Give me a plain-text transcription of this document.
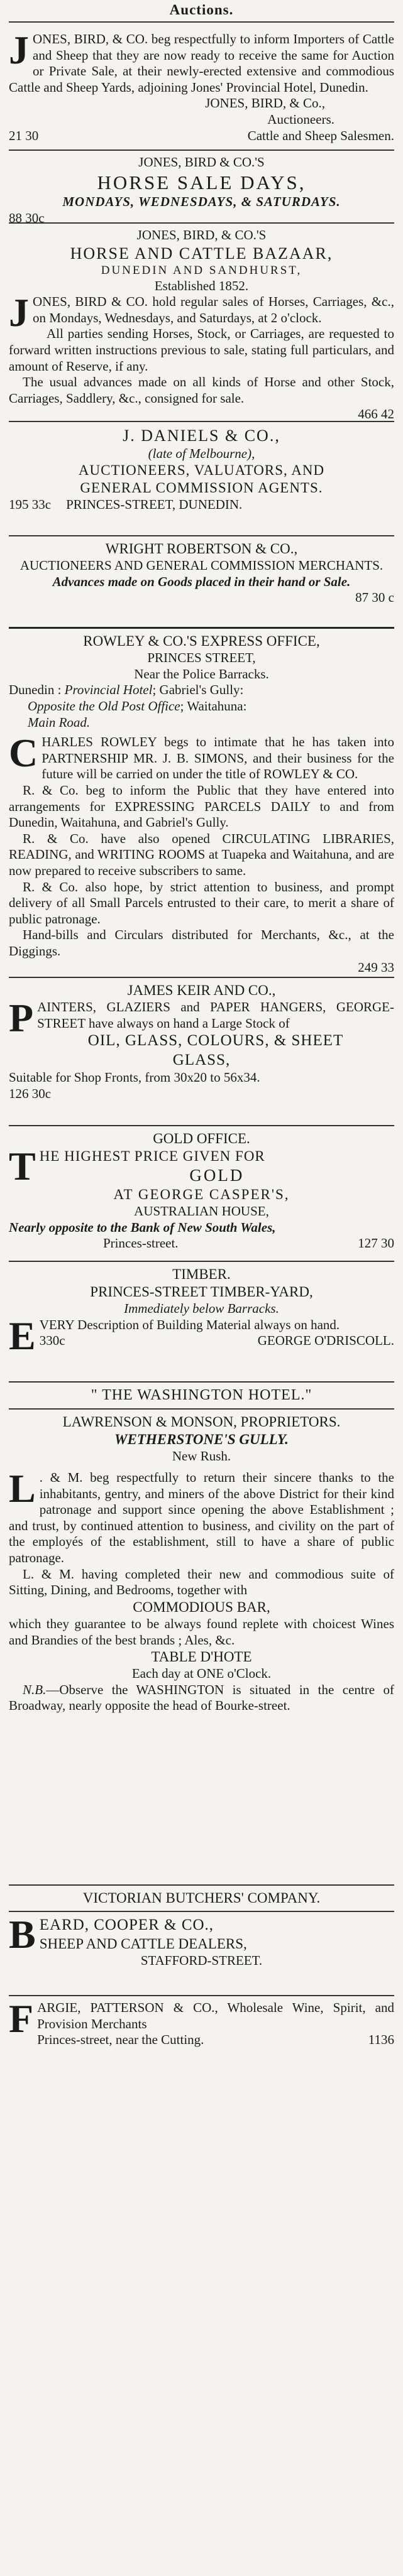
Auctions.
J ONES, BIRD, & CO. beg respectfully to inform Importers of Cattle and Sheep that they are now ready to receive the same for Auction or Private Sale, at their newly-erected extensive and commodious Cattle and Sheep Yards, adjoining Jones' Provincial Hotel, Dunedin.

JONES, BIRD, & Co.,

Auctioneers.

21 30	Cattle and Sheep Salesmen.

JONES, BIRD & CO.'S

HORSE SALE DAYS,

MONDAYS, WEDNESDAYS, & SATURDAYS.

88 30c

JONES, BIRD, & CO.'S

HORSE AND CATTLE BAZAAR,

DUNEDIN AND SANDHURST,

Established 1852.

J ONES, BIRD & CO. hold regular sales of Horses, Carriages, &c., on Mondays, Wednesdays, and Saturdays, at 2 o'clock.

All parties sending Horses, Stock, or Carriages, are requested to forward written instructions previous to sale, stating full particulars, and amount of Reserve, if any.

The usual advances made on all kinds of Horse and other Stock, Carriages, Saddlery, &c., consigned for sale.

466 42

J. DANIELS & CO.,

(late of Melbourne),

AUCTIONEERS, VALUATORS, AND

GENERAL COMMISSION AGENTS.

195 33c PRINCES-STREET, DUNEDIN.

WRIGHT ROBERTSON & CO.,

AUCTIONEERS AND GENERAL COMMISSION MERCHANTS.

Advances made on Goods placed in their hand or Sale.

87 30 c

ROWLEY & CO.'S EXPRESS OFFICE,

PRINCES STREET,

Near the Police Barracks.

Dunedin : Provincial Hotel; Gabriel's Gully:

Opposite the Old Post Office; Waitahuna:

Main Road.

C HARLES ROWLEY begs to intimate that he has taken into PARTNERSHIP MR. J. B. SIMONS, and their business for the future will be carried on under the title of ROWLEY & CO.

R. & Co. beg to inform the Public that they have entered into arrangements for EXPRESSING PARCELS DAILY to and from Dunedin, Waitahuna, and Gabriel's Gully.

R. & Co. have also opened CIRCULATING LIBRARIES, READING, and WRITING ROOMS at Tuapeka and Waitahuna, and are now prepared to receive subscribers to same.

R. & Co. also hope, by strict attention to business, and prompt delivery of all Small Parcels entrusted to their care, to merit a share of public patronage.

Hand-bills and Circulars distributed for Merchants, &c., at the Diggings.

249 33

JAMES KEIR AND CO.,

P AINTERS, GLAZIERS and PAPER HANGERS, GEORGE-STREET have always on hand a Large Stock of

OIL, GLASS, COLOURS, & SHEET

GLASS,

Suitable for Shop Fronts, from 30x20 to 56x34.

126 30c

GOLD OFFICE.

T HE HIGHEST PRICE GIVEN FOR

GOLD

AT GEORGE CASPER'S,

AUSTRALIAN HOUSE,

Nearly opposite to the Bank of New South Wales,

Princes-street.	127 30

TIMBER.

PRINCES-STREET TIMBER-YARD,

Immediately below Barracks.

E VERY Description of Building Material always on hand.

330c	GEORGE O'DRISCOLL.

" THE WASHINGTON HOTEL."

LAWRENSON & MONSON, PROPRIETORS.

WETHERSTONE'S GULLY.

New Rush.

L . & M. beg respectfully to return their sincere thanks to the inhabitants, gentry, and miners of the above District for their kind patronage and support since opening the above Establishment ; and trust, by continued attention to business, and civility on the part of the employés of the establishment, still to have a share of public patronage.

L. & M. having completed their new and commodious suite of Sitting, Dining, and Bedrooms, together with

COMMODIOUS BAR,

which they guarantee to be always found replete with choicest Wines and Brandies of the best brands ; Ales, &c.

TABLE D'HOTE

Each day at ONE o'Clock.

N.B.—Observe the WASHINGTON is situated in the centre of Broadway, nearly opposite the head of Bourke-street.

VICTORIAN BUTCHERS' COMPANY.

B EARD, COOPER & CO.,

SHEEP AND CATTLE DEALERS,

STAFFORD-STREET.

F ARGIE, PATTERSON & CO., Wholesale Wine, Spirit, and Provision Merchants

Princes-street, near the Cutting.	1136
